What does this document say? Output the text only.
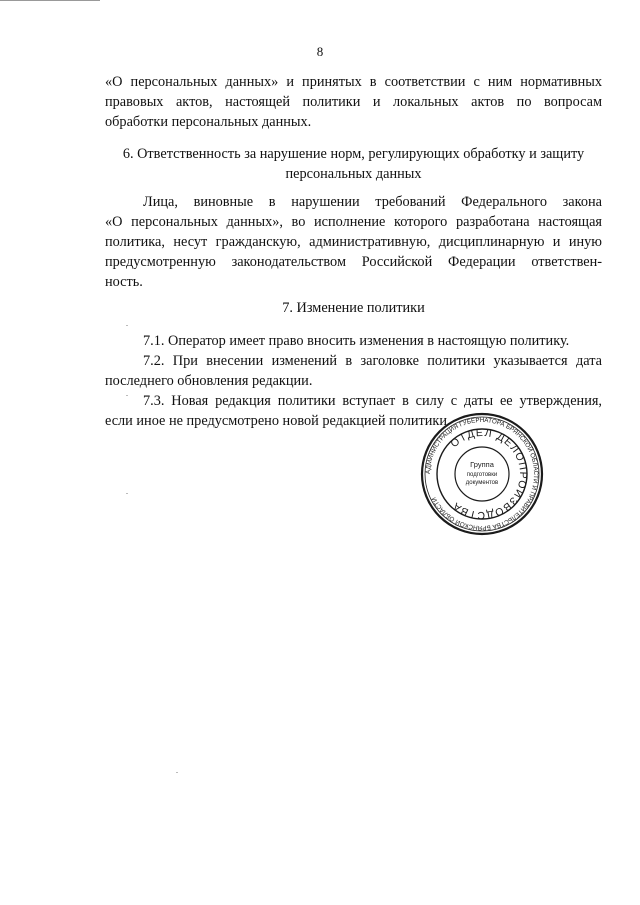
8
«О персональных данных» и принятых в соответствии с ним нормативных
правовых актов, настоящей политики и локальных актов по вопросам
обработки персональных данных.
6. Ответственность за нарушение норм, регулирующих обработку и защиту
персональных данных
Лица, виновные в нарушении требований Федерального закона
«О персональных данных», во исполнение которого разработана настоящая
политика, несут гражданскую, административную, дисциплинарную и иную
предусмотренную законодательством Российской Федерации ответствен-
ность.
7. Изменение политики
7.1. Оператор имеет право вносить изменения в настоящую политику.
7.2. При внесении изменений в заголовке политики указывается дата
последнего обновления редакции.
7.3. Новая редакция политики вступает в силу с даты ее утверждения,
если иное не предусмотрено новой редакцией политики.
АДМИНИСТРАЦИЯ ГУБЕРНАТОРА БРЯНСКОЙ ОБЛАСТИ И ПРАВИТЕЛЬСТВА БРЯНСКОЙ ОБЛАСТИ
ОТДЕЛ ДЕЛОПРОИЗВОДСТВА
Группа
подготовки
документов
